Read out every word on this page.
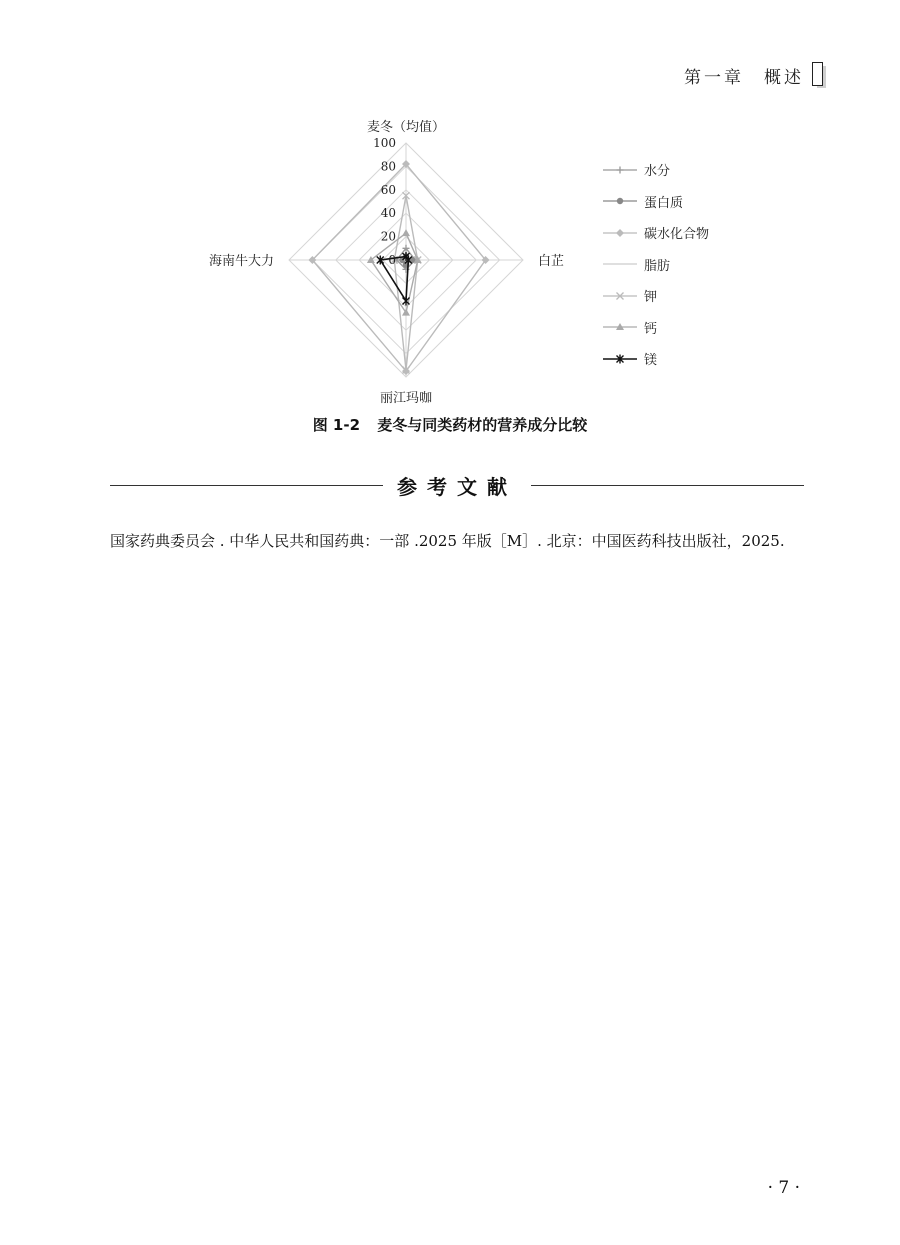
第一章　概述
0
20
40
60
80
100
麦冬（均值）
白芷
丽江玛咖
海南牛大力
水分
蛋白质
碳水化合物
脂肪
钾
钙
镁
图 1-2 麦冬与同类药材的营养成分比较
参考文献
国家药典委员会 . 中华人民共和国药典：一部 .2025 年版［M］. 北京：中国医药科技出版社，2025.
· 7 ·
